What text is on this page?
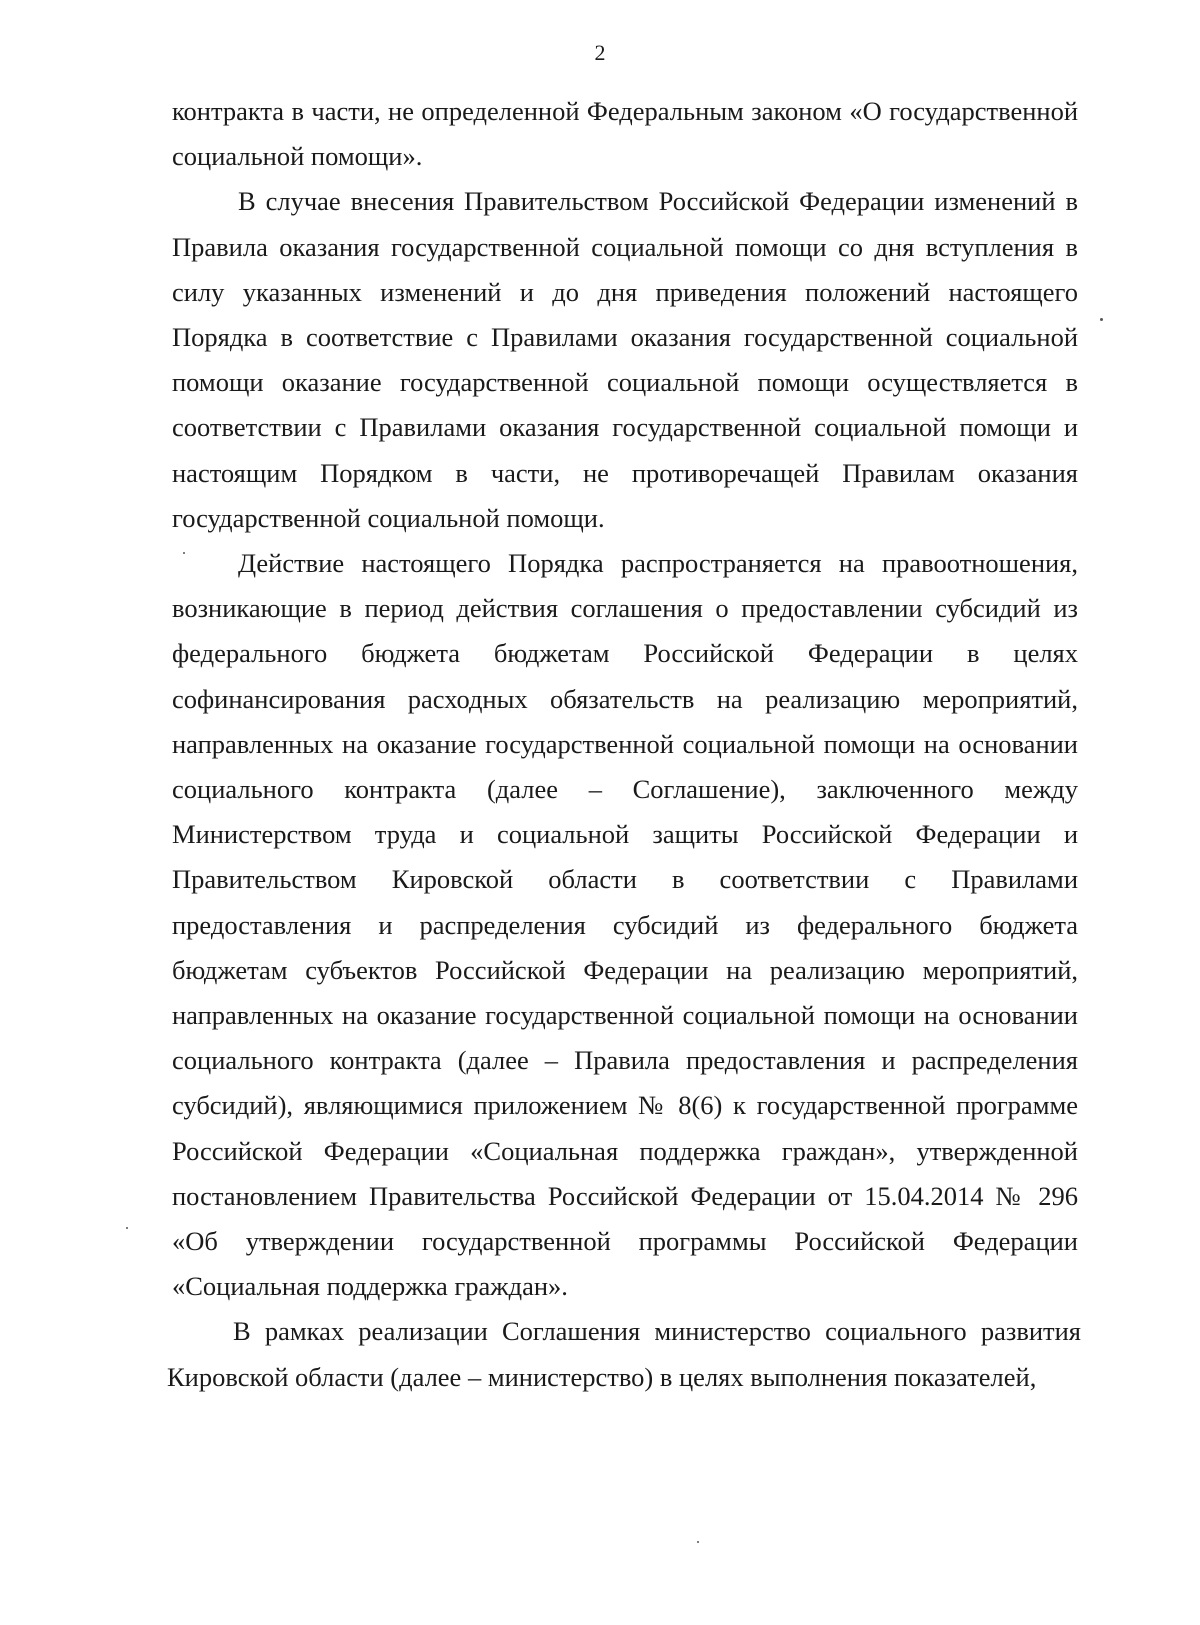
2

контракта в части, не определенной Федеральным законом «О государственной социальной помощи».

В случае внесения Правительством Российской Федерации изменений в Правила оказания государственной социальной помощи со дня вступления в силу указанных изменений и до дня приведения положений настоящего Порядка в соответствие с Правилами оказания государственной социальной помощи оказание государственной социальной помощи осуществляется в соответствии с Правилами оказания государственной социальной помощи и настоящим Порядком в части, не противоречащей Правилам оказания государственной социальной помощи.

Действие настоящего Порядка распространяется на правоотношения, возникающие в период действия соглашения о предоставлении субсидий из федерального бюджета бюджетам Российской Федерации в целях софинансирования расходных обязательств на реализацию мероприятий, направленных на оказание государственной социальной помощи на основании социального контракта (далее – Соглашение), заключенного между Министерством труда и социальной защиты Российской Федерации и Правительством Кировской области в соответствии с Правилами предоставления и распределения субсидий из федерального бюджета бюджетам субъектов Российской Федерации на реализацию мероприятий, направленных на оказание государственной социальной помощи на основании социального контракта (далее – Правила предоставления и распределения субсидий), являющимися приложением № 8(6) к государственной программе Российской Федерации «Социальная поддержка граждан», утвержденной постановлением Правительства Российской Федерации от 15.04.2014 № 296 «Об утверждении государственной программы Российской Федерации «Социальная поддержка граждан».

В рамках реализации Соглашения министерство социального развития Кировской области (далее – министерство) в целях выполнения показателей,
